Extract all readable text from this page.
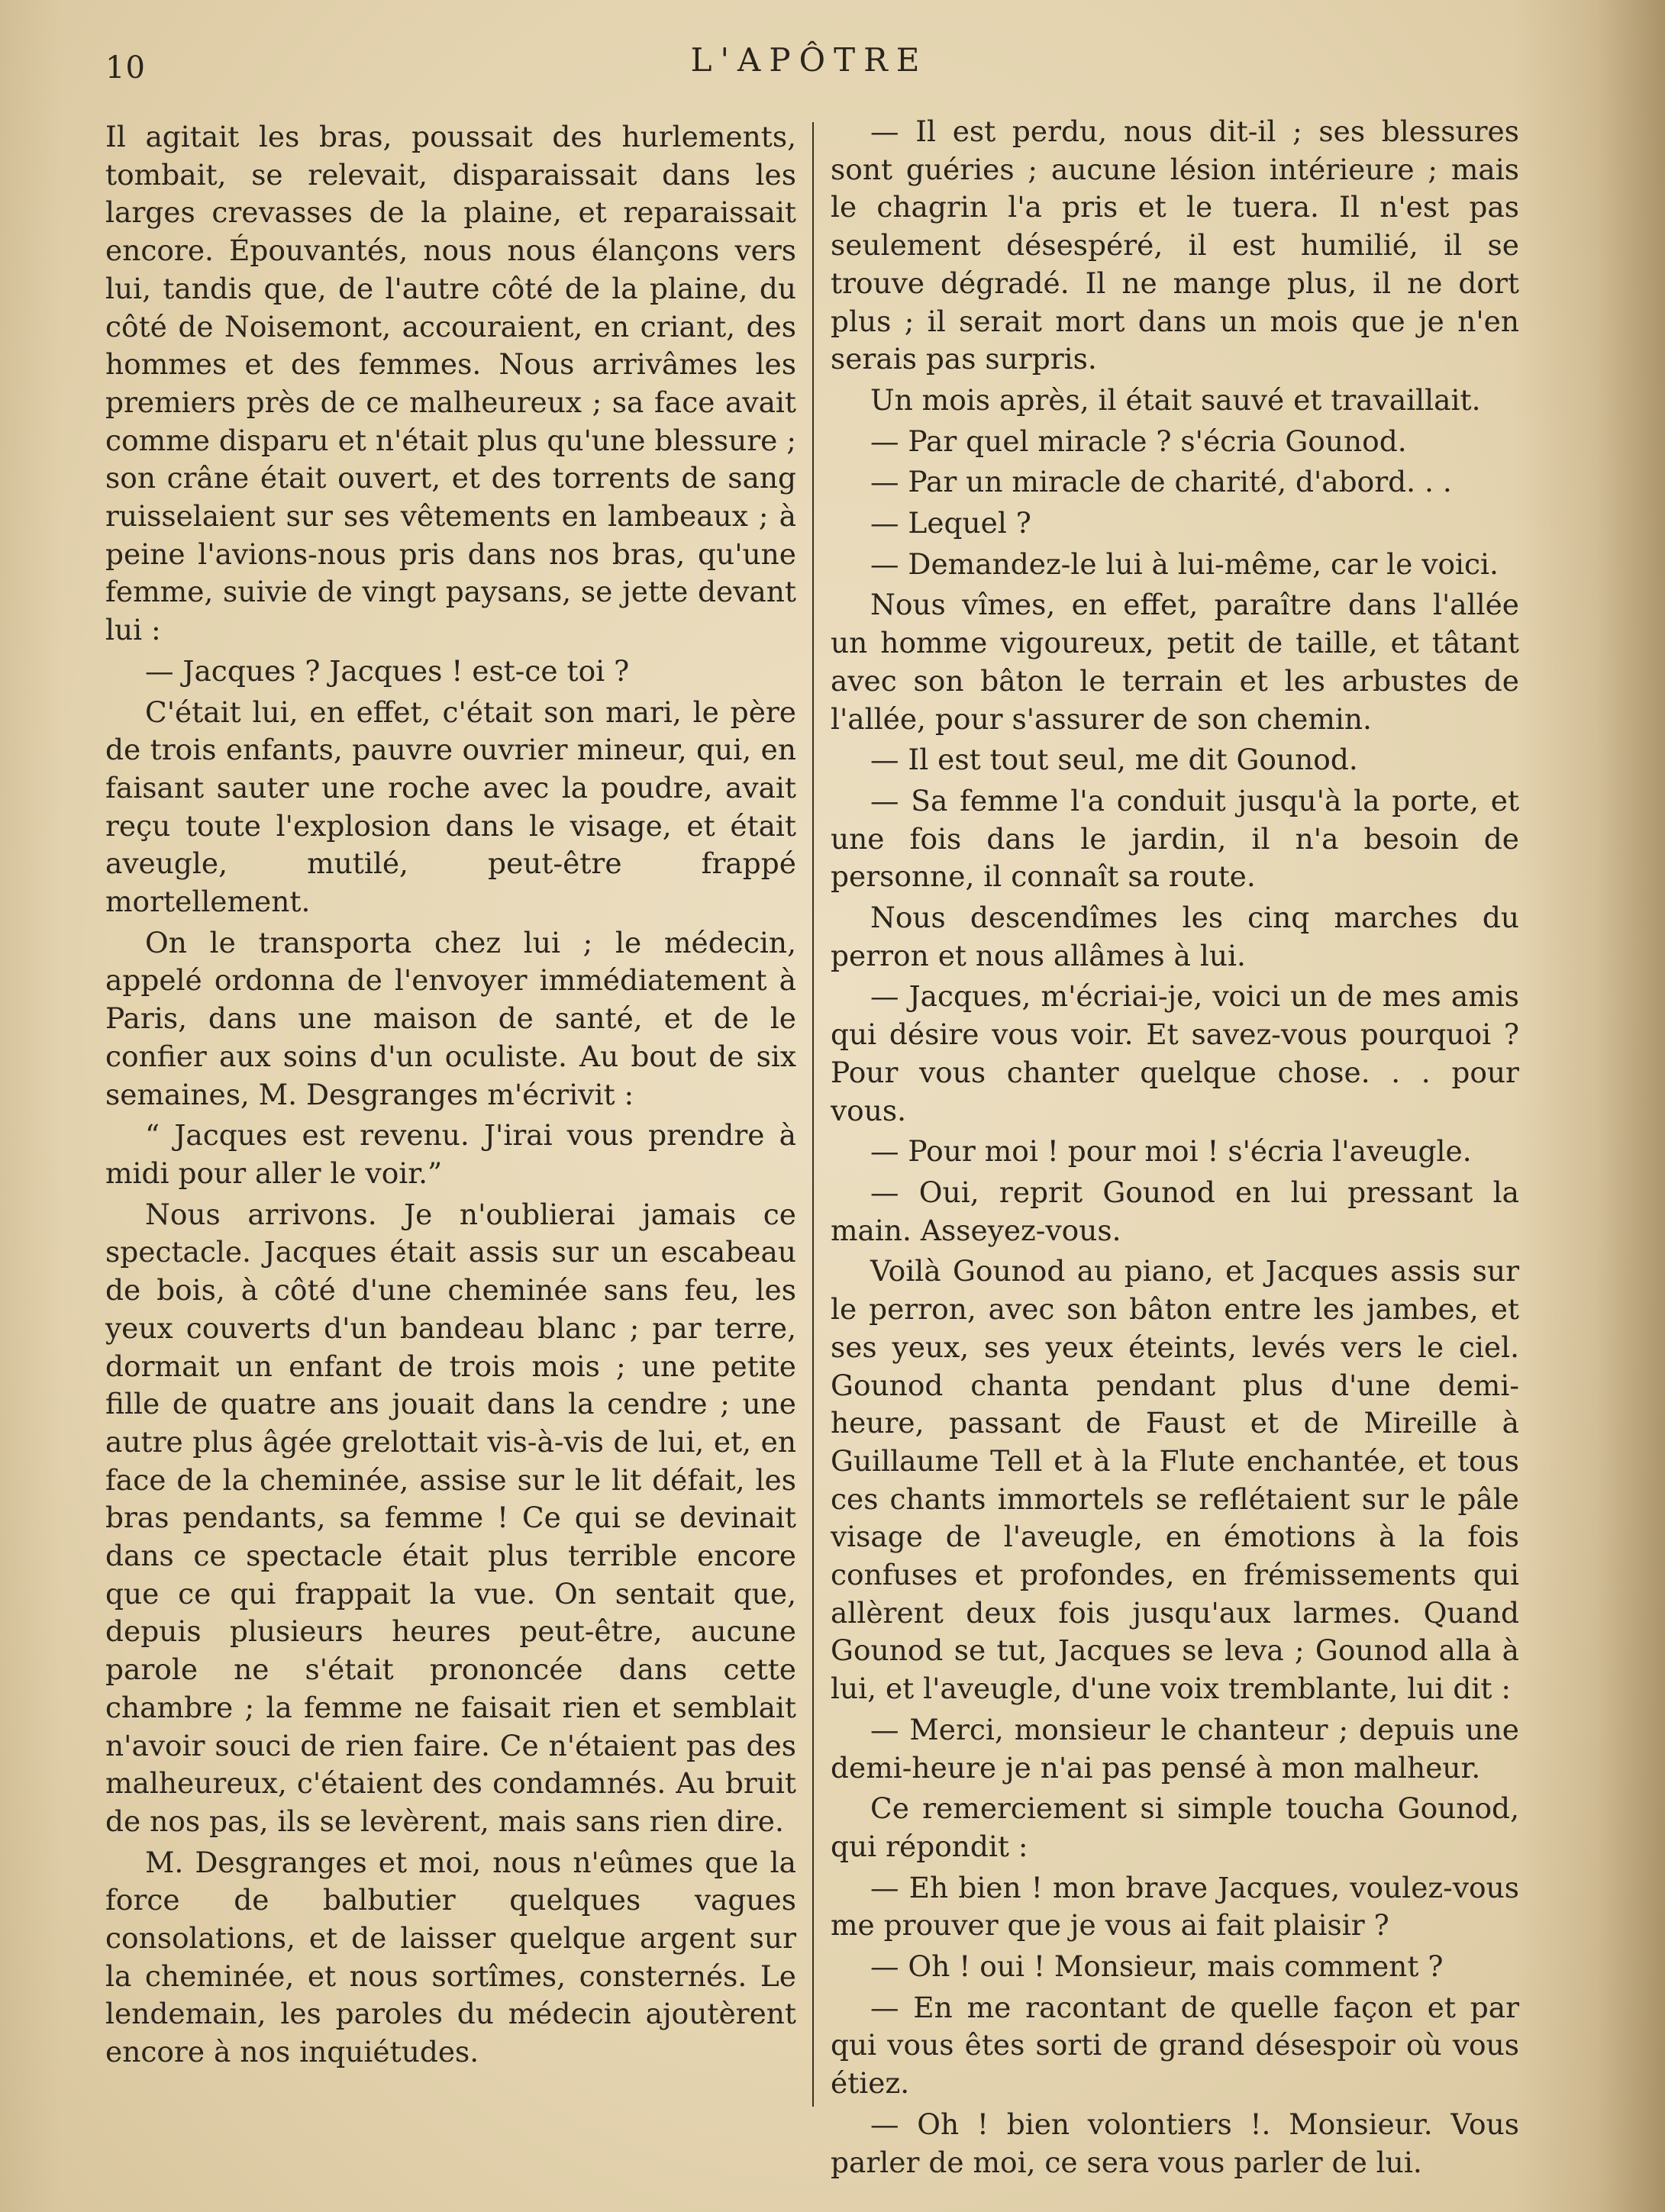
10	L'APÔTRE

Il agitait les bras, poussait des hurlements, tombait, se relevait, disparaissait dans les larges crevasses de la plaine, et reparaissait encore. Épouvantés, nous nous élançons vers lui, tandis que, de l'autre côté de la plaine, du côté de Noisemont, accouraient, en criant, des hommes et des femmes. Nous arrivâmes les premiers près de ce malheureux ; sa face avait comme disparu et n'était plus qu'une blessure ; son crâne était ouvert, et des torrents de sang ruisselaient sur ses vêtements en lambeaux ; à peine l'avions-nous pris dans nos bras, qu'une femme, suivie de vingt paysans, se jette devant lui :

— Jacques ? Jacques ! est-ce toi ?

C'était lui, en effet, c'était son mari, le père de trois enfants, pauvre ouvrier mineur, qui, en faisant sauter une roche avec la poudre, avait reçu toute l'explosion dans le visage, et était aveugle, mutilé, peut-être frappé mortellement.

On le transporta chez lui ; le médecin, appelé ordonna de l'envoyer immédiatement à Paris, dans une maison de santé, et de le confier aux soins d'un oculiste. Au bout de six semaines, M. Desgranges m'écrivit :

“ Jacques est revenu. J'irai vous prendre à midi pour aller le voir.”

Nous arrivons. Je n'oublierai jamais ce spectacle. Jacques était assis sur un escabeau de bois, à côté d'une cheminée sans feu, les yeux couverts d'un bandeau blanc ; par terre, dormait un enfant de trois mois ; une petite fille de quatre ans jouait dans la cendre ; une autre plus âgée grelottait vis-à-vis de lui, et, en face de la cheminée, assise sur le lit défait, les bras pendants, sa femme ! Ce qui se devinait dans ce spectacle était plus terrible encore que ce qui frappait la vue. On sentait que, depuis plusieurs heures peut-être, aucune parole ne s'était prononcée dans cette chambre ; la femme ne faisait rien et semblait n'avoir souci de rien faire. Ce n'étaient pas des malheureux, c'étaient des condamnés. Au bruit de nos pas, ils se levèrent, mais sans rien dire.

M. Desgranges et moi, nous n'eûmes que la force de balbutier quelques vagues consolations, et de laisser quelque argent sur la cheminée, et nous sortîmes, consternés. Le lendemain, les paroles du médecin ajoutèrent encore à nos inquiétudes.

— Il est perdu, nous dit-il ; ses blessures sont guéries ; aucune lésion intérieure ; mais le chagrin l'a pris et le tuera. Il n'est pas seulement désespéré, il est humilié, il se trouve dégradé. Il ne mange plus, il ne dort plus ; il serait mort dans un mois que je n'en serais pas surpris.

Un mois après, il était sauvé et travaillait.

— Par quel miracle ? s'écria Gounod.

— Par un miracle de charité, d'abord. . .

— Lequel ?

— Demandez-le lui à lui-même, car le voici.

Nous vîmes, en effet, paraître dans l'allée un homme vigoureux, petit de taille, et tâtant avec son bâton le terrain et les arbustes de l'allée, pour s'assurer de son chemin.

— Il est tout seul, me dit Gounod.

— Sa femme l'a conduit jusqu'à la porte, et une fois dans le jardin, il n'a besoin de personne, il connaît sa route.

Nous descendîmes les cinq marches du perron et nous allâmes à lui.

— Jacques, m'écriai-je, voici un de mes amis qui désire vous voir. Et savez-vous pourquoi ? Pour vous chanter quelque chose. . . pour vous.

— Pour moi ! pour moi ! s'écria l'aveugle.

— Oui, reprit Gounod en lui pressant la main. Asseyez-vous.

Voilà Gounod au piano, et Jacques assis sur le perron, avec son bâton entre les jambes, et ses yeux, ses yeux éteints, levés vers le ciel. Gounod chanta pendant plus d'une demi-heure, passant de Faust et de Mireille à Guillaume Tell et à la Flute enchantée, et tous ces chants immortels se reflétaient sur le pâle visage de l'aveugle, en émotions à la fois confuses et profondes, en frémissements qui allèrent deux fois jusqu'aux larmes. Quand Gounod se tut, Jacques se leva ; Gounod alla à lui, et l'aveugle, d'une voix tremblante, lui dit :

— Merci, monsieur le chanteur ; depuis une demi-heure je n'ai pas pensé à mon malheur.

Ce remerciement si simple toucha Gounod, qui répondit :

— Eh bien ! mon brave Jacques, voulez-vous me prouver que je vous ai fait plaisir ?

— Oh ! oui ! Monsieur, mais comment ?

— En me racontant de quelle façon et par qui vous êtes sorti de grand désespoir où vous étiez.

— Oh ! bien volontiers !. Monsieur. Vous parler de moi, ce sera vous parler de lui.
